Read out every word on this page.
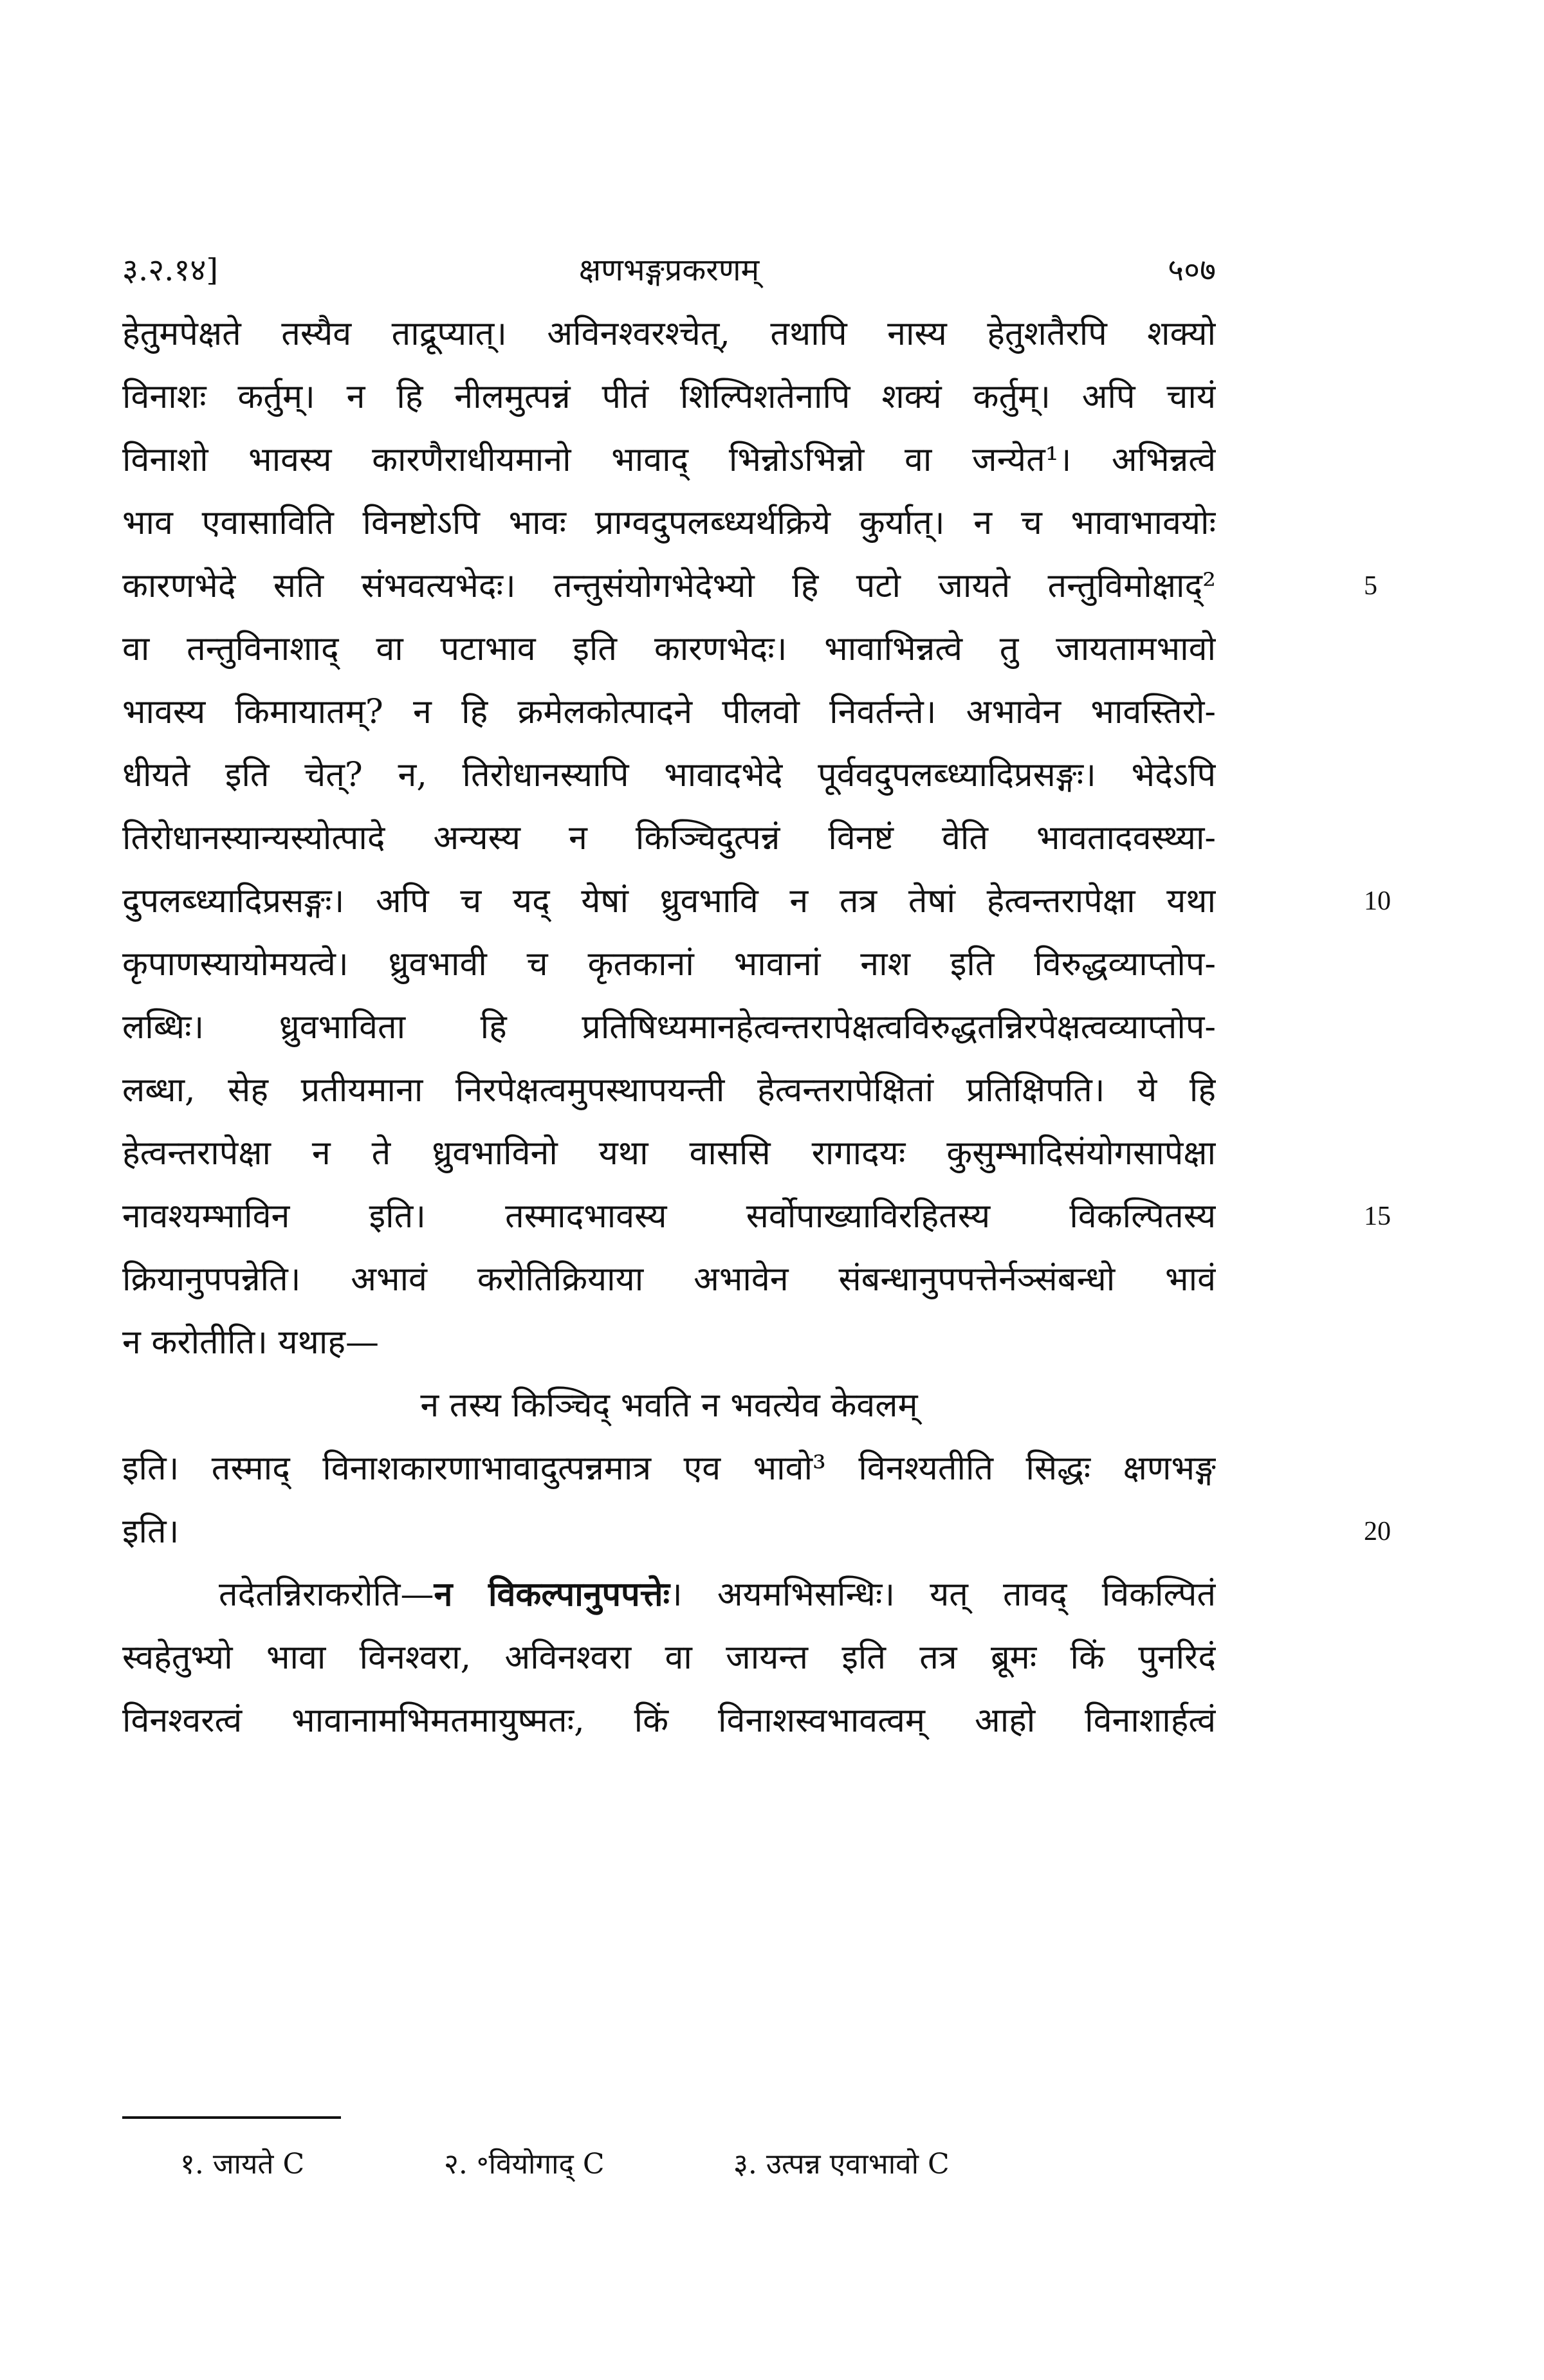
३.२.१४]	क्षणभङ्गप्रकरणम्	५०७
हेतुमपेक्षते तस्यैव ताद्रूप्यात्। अविनश्वरश्चेत्, तथापि नास्य हेतुशतैरपि शक्यो
विनाशः कर्तुम्। न हि नीलमुत्पन्नं पीतं शिल्पिशतेनापि शक्यं कर्तुम्। अपि चायं
विनाशो भावस्य कारणैराधीयमानो भावाद् भिन्नोऽभिन्नो वा जन्येत¹। अभिन्नत्वे
भाव एवासाविति विनष्टोऽपि भावः प्राग्वदुपलब्ध्यर्थक्रिये कुर्यात्। न च भावाभावयोः
कारणभेदे सति संभवत्यभेदः। तन्तुसंयोगभेदेभ्यो हि पटो जायते तन्तुविमोक्षाद्²	5
वा तन्तुविनाशाद् वा पटाभाव इति कारणभेदः। भावाभिन्नत्वे तु जायतामभावो
भावस्य किमायातम्? न हि क्रमेलकोत्पादने पीलवो निवर्तन्ते। अभावेन भावस्तिरो-
धीयते इति चेत्? न, तिरोधानस्यापि भावादभेदे पूर्ववदुपलब्ध्यादिप्रसङ्गः। भेदेऽपि
तिरोधानस्यान्यस्योत्पादे अन्यस्य न किञ्चिदुत्पन्नं विनष्टं वेति भावतादवस्थ्या-
दुपलब्ध्यादिप्रसङ्गः। अपि च यद् येषां ध्रुवभावि न तत्र तेषां हेत्वन्तरापेक्षा यथा	10
कृपाणस्यायोमयत्वे। ध्रुवभावी च कृतकानां भावानां नाश इति विरुद्धव्याप्तोप-
लब्धिः। ध्रुवभाविता हि प्रतिषिध्यमानहेत्वन्तरापेक्षत्वविरुद्धतन्निरपेक्षत्वव्याप्तोप-
लब्धा, सेह प्रतीयमाना निरपेक्षत्वमुपस्थापयन्ती हेत्वन्तरापेक्षितां प्रतिक्षिपति। ये हि
हेत्वन्तरापेक्षा न ते ध्रुवभाविनो यथा वाससि रागादयः कुसुम्भादिसंयोगसापेक्षा
नावश्यम्भाविन इति। तस्मादभावस्य सर्वोपाख्याविरहितस्य विकल्पितस्य	15
क्रियानुपपन्नेति। अभावं करोतिक्रियाया अभावेन संबन्धानुपपत्तेर्नञ्संबन्धो भावं
न करोतीति। यथाह—
न तस्य किञ्चिद् भवति न भवत्येव केवलम्
इति। तस्माद् विनाशकारणाभावादुत्पन्नमात्र एव भावो³ विनश्यतीति सिद्धः क्षणभङ्ग
इति।	20
तदेतन्निराकरोति—न विकल्पानुपपत्तेः। अयमभिसन्धिः। यत् तावद् विकल्पितं
स्वहेतुभ्यो भावा विनश्वरा, अविनश्वरा वा जायन्त इति तत्र ब्रूमः किं पुनरिदं
विनश्वरत्वं भावानामभिमतमायुष्मतः, किं विनाशस्वभावत्वम् आहो विनाशार्हत्वं
१. जायते C	२. ॰वियोगाद् C	३. उत्पन्न एवाभावो C
